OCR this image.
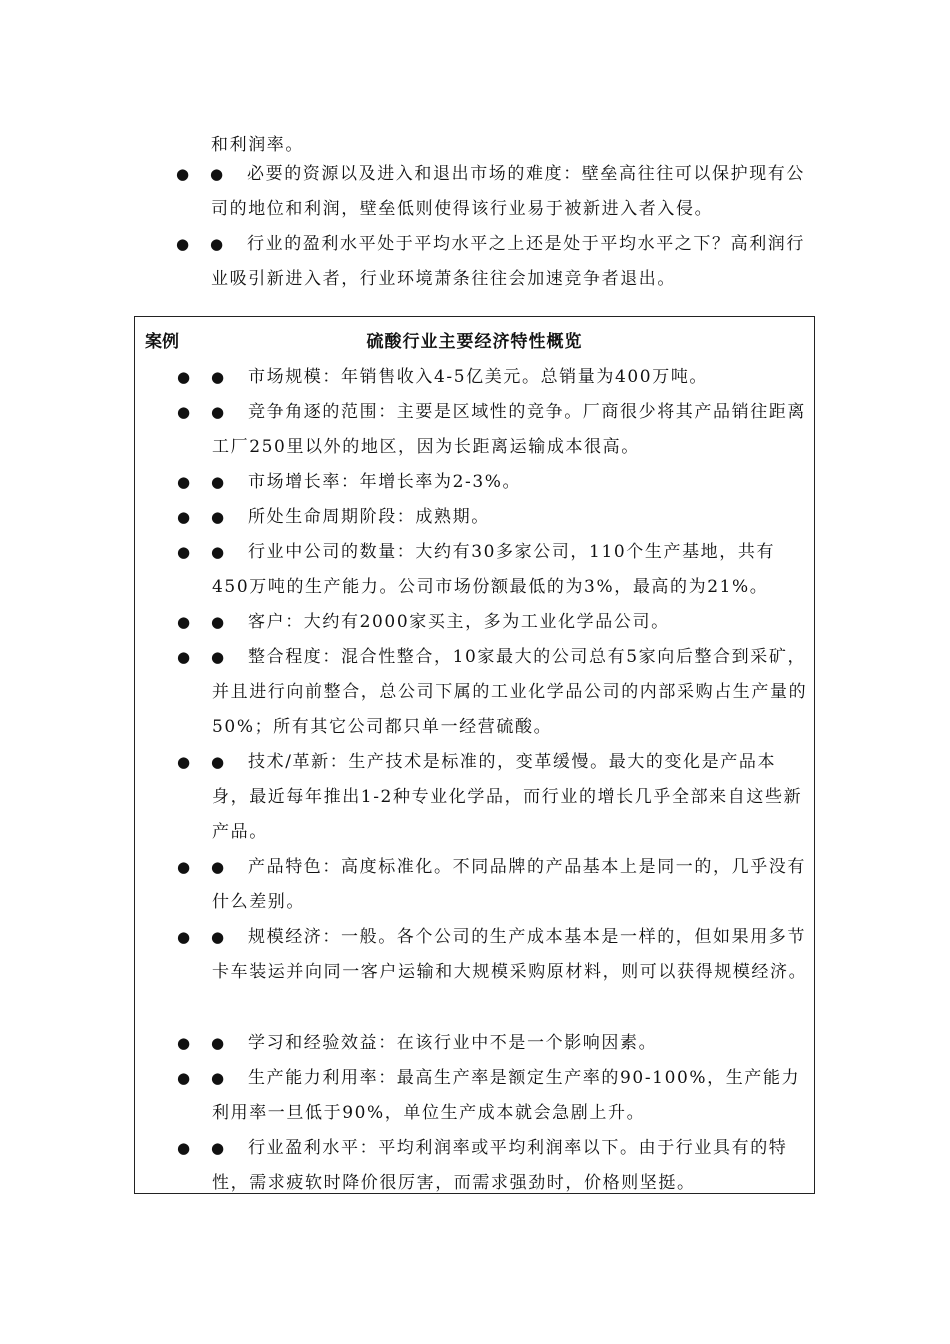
和利润率。

● ●	必要的资源以及进入和退出市场的难度：壁垒高往往可以保护现有公司的地位和利润，壁垒低则使得该行业易于被新进入者入侵。

● ●	行业的盈利水平处于平均水平之上还是处于平均水平之下？高利润行业吸引新进入者，行业环境萧条往往会加速竞争者退出。

案例	硫酸行业主要经济特性概览
● ●	市场规模：年销售收入4-5亿美元。总销量为400万吨。

● ●	竞争角逐的范围：主要是区域性的竞争。厂商很少将其产品销往距离工厂250里以外的地区，因为长距离运输成本很高。

● ●	市场增长率：年增长率为2-3%。

● ●	所处生命周期阶段：成熟期。

● ●	行业中公司的数量：大约有30多家公司，110个生产基地，共有450万吨的生产能力。公司市场份额最低的为3%，最高的为21%。

● ●	客户：大约有2000家买主，多为工业化学品公司。

● ●	整合程度：混合性整合，10家最大的公司总有5家向后整合到采矿，并且进行向前整合，总公司下属的工业化学品公司的内部采购占生产量的50%；所有其它公司都只单一经营硫酸。

● ●	技术/革新：生产技术是标准的，变革缓慢。最大的变化是产品本身，最近每年推出1-2种专业化学品，而行业的增长几乎全部来自这些新产品。

● ●	产品特色：高度标准化。不同品牌的产品基本上是同一的，几乎没有什么差别。

● ●	规模经济：一般。各个公司的生产成本基本是一样的，但如果用多节卡车装运并向同一客户运输和大规模采购原材料，则可以获得规模经济。

● ●	学习和经验效益：在该行业中不是一个影响因素。

● ●	生产能力利用率：最高生产率是额定生产率的90-100%，生产能力利用率一旦低于90%，单位生产成本就会急剧上升。

● ●	行业盈利水平：平均利润率或平均利润率以下。由于行业具有的特性，需求疲软时降价很厉害，而需求强劲时，价格则坚挺。
